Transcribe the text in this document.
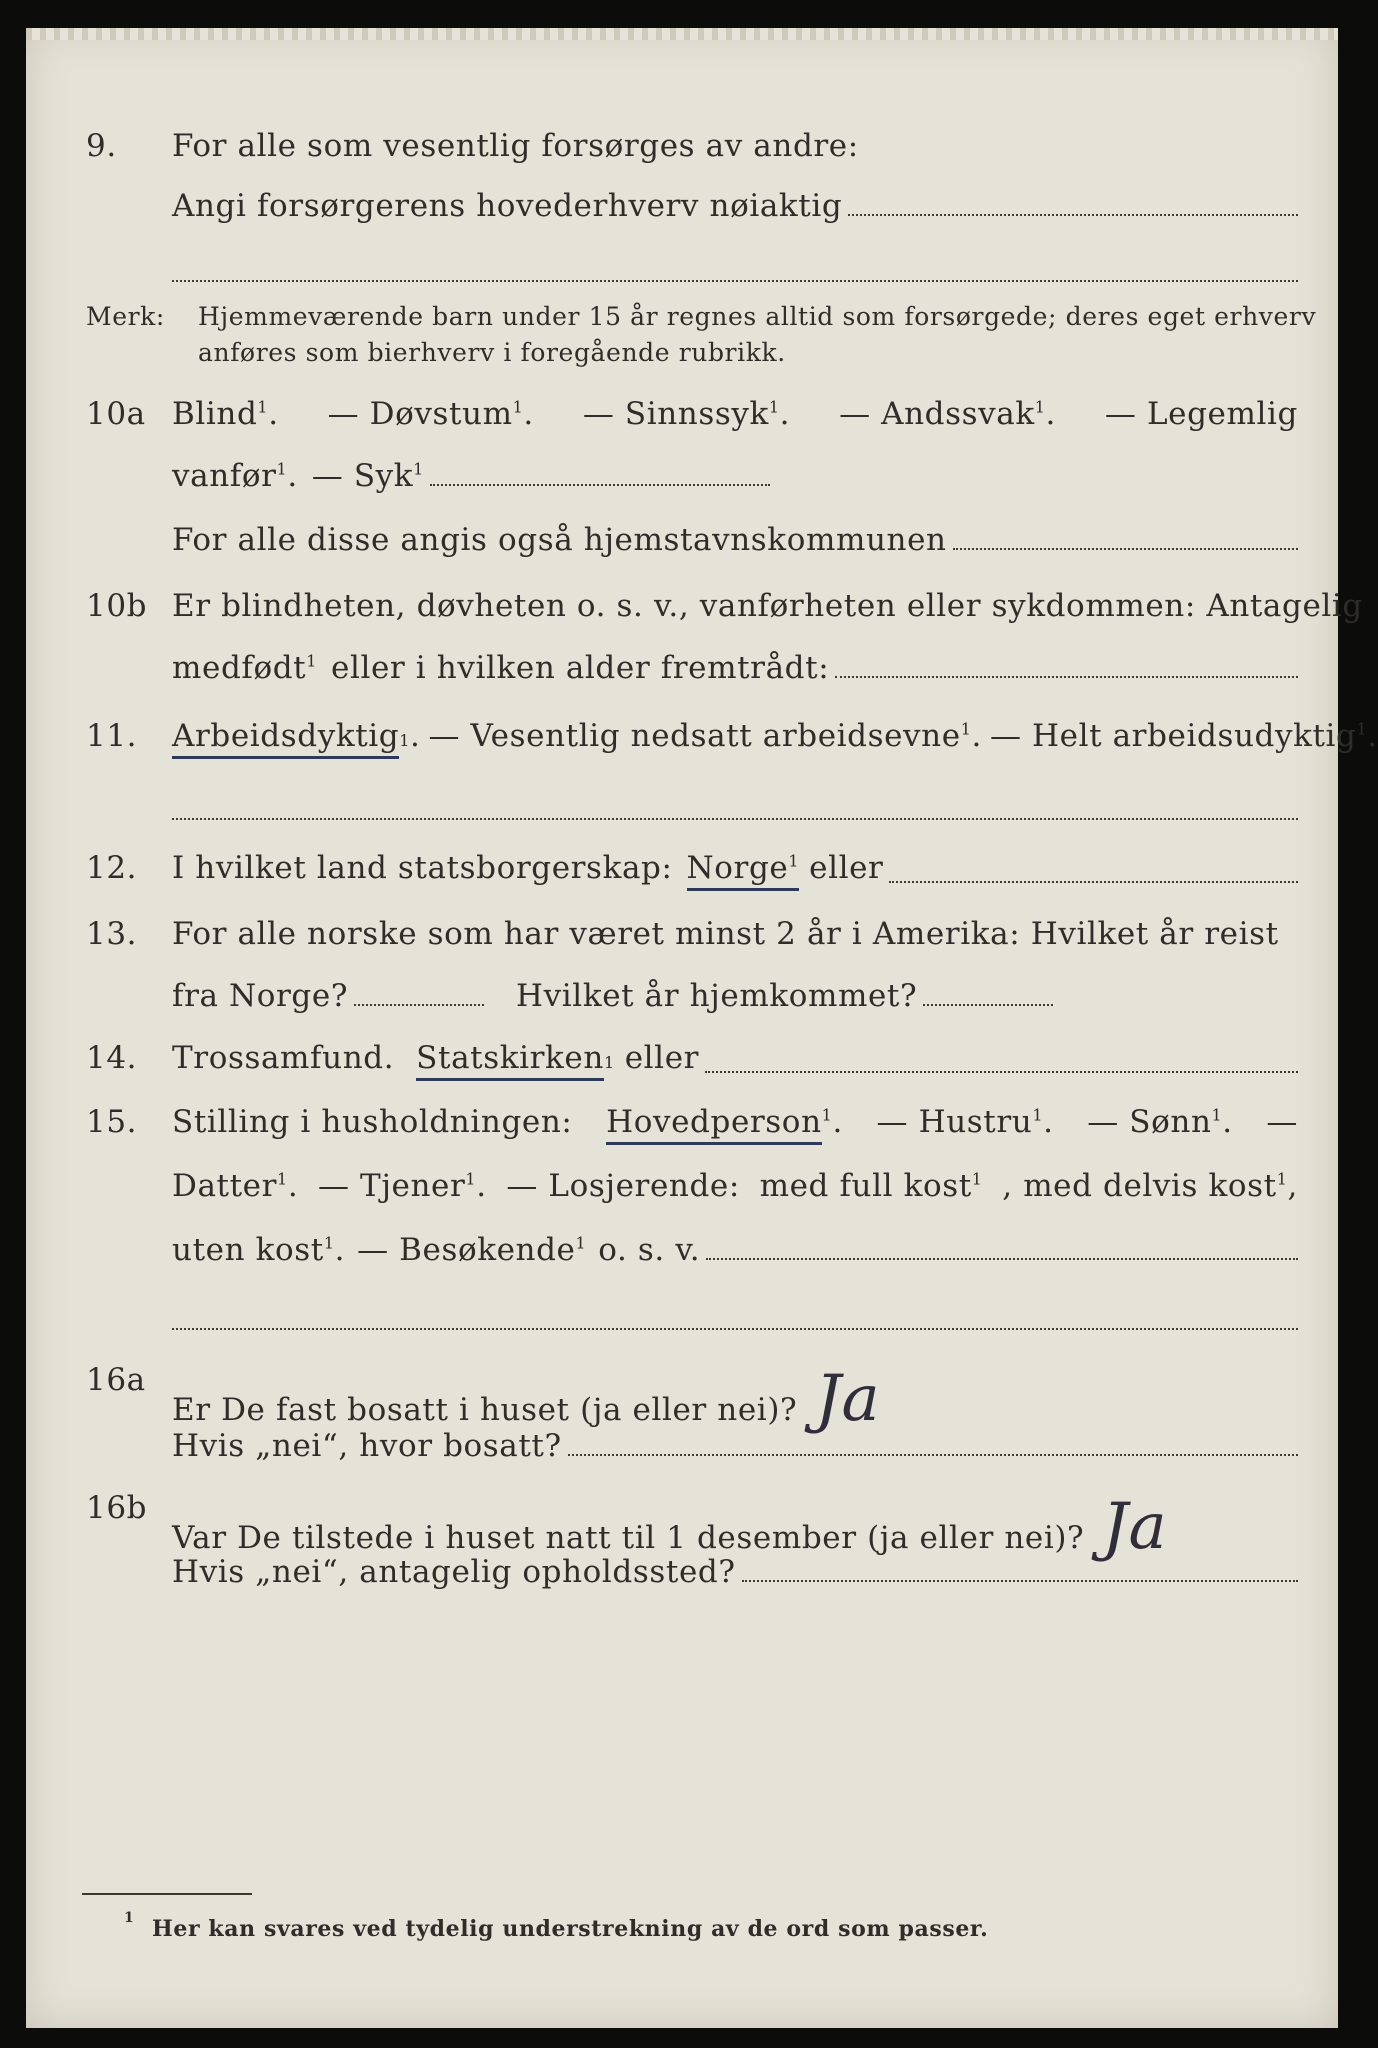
9. For alle som vesentlig forsørges av andre:
Angi forsørgerens hovederhverv nøiaktig
Merk: Hjemmeværende barn under 15 år regnes alltid som forsørgede; deres eget erhverv
anføres som bierhverv i foregående rubrikk.
10a Blind$^1$. — Døvstum$^1$. — Sinnssyk$^1$. — Andssvak$^1$. — Legemlig
vanfør$^1$. — Syk$^1$
For alle disse angis også hjemstavnskommunen
10b Er blindheten, døvheten o. s. v., vanførheten eller sykdommen: Antagelig
medfødt$^1$ eller i hvilken alder fremtrådt:
11. Arbeidsdyktig 1 . — Vesentlig nedsatt arbeidsevne$^1$. — Helt arbeidsudyktig$^1$.
12. I hvilket land statsborgerskap: Norge$^1$ eller
13. For alle norske som har været minst 2 år i Amerika: Hvilket år reist
fra Norge?	Hvilket år hjemkommet?
14. Trossamfund. Statskirken 1 eller
15. Stilling i husholdningen: Hovedperson$^1$. — Hustru$^1$. — Sønn$^1$. —
Datter$^1$. — Tjener$^1$. — Losjerende: med full kost$^1$ , med delvis kost$^1$,
uten kost$^1$. — Besøkende$^1$ o. s. v.
16a
Er De fast bosatt i huset (ja eller nei)? Ja
Hvis „nei“, hvor bosatt?
16b
Var De tilstede i huset natt til 1 desember (ja eller nei)? Ja
Hvis „nei“, antagelig opholdssted?
1 Her kan svares ved tydelig understrekning av de ord som passer.
